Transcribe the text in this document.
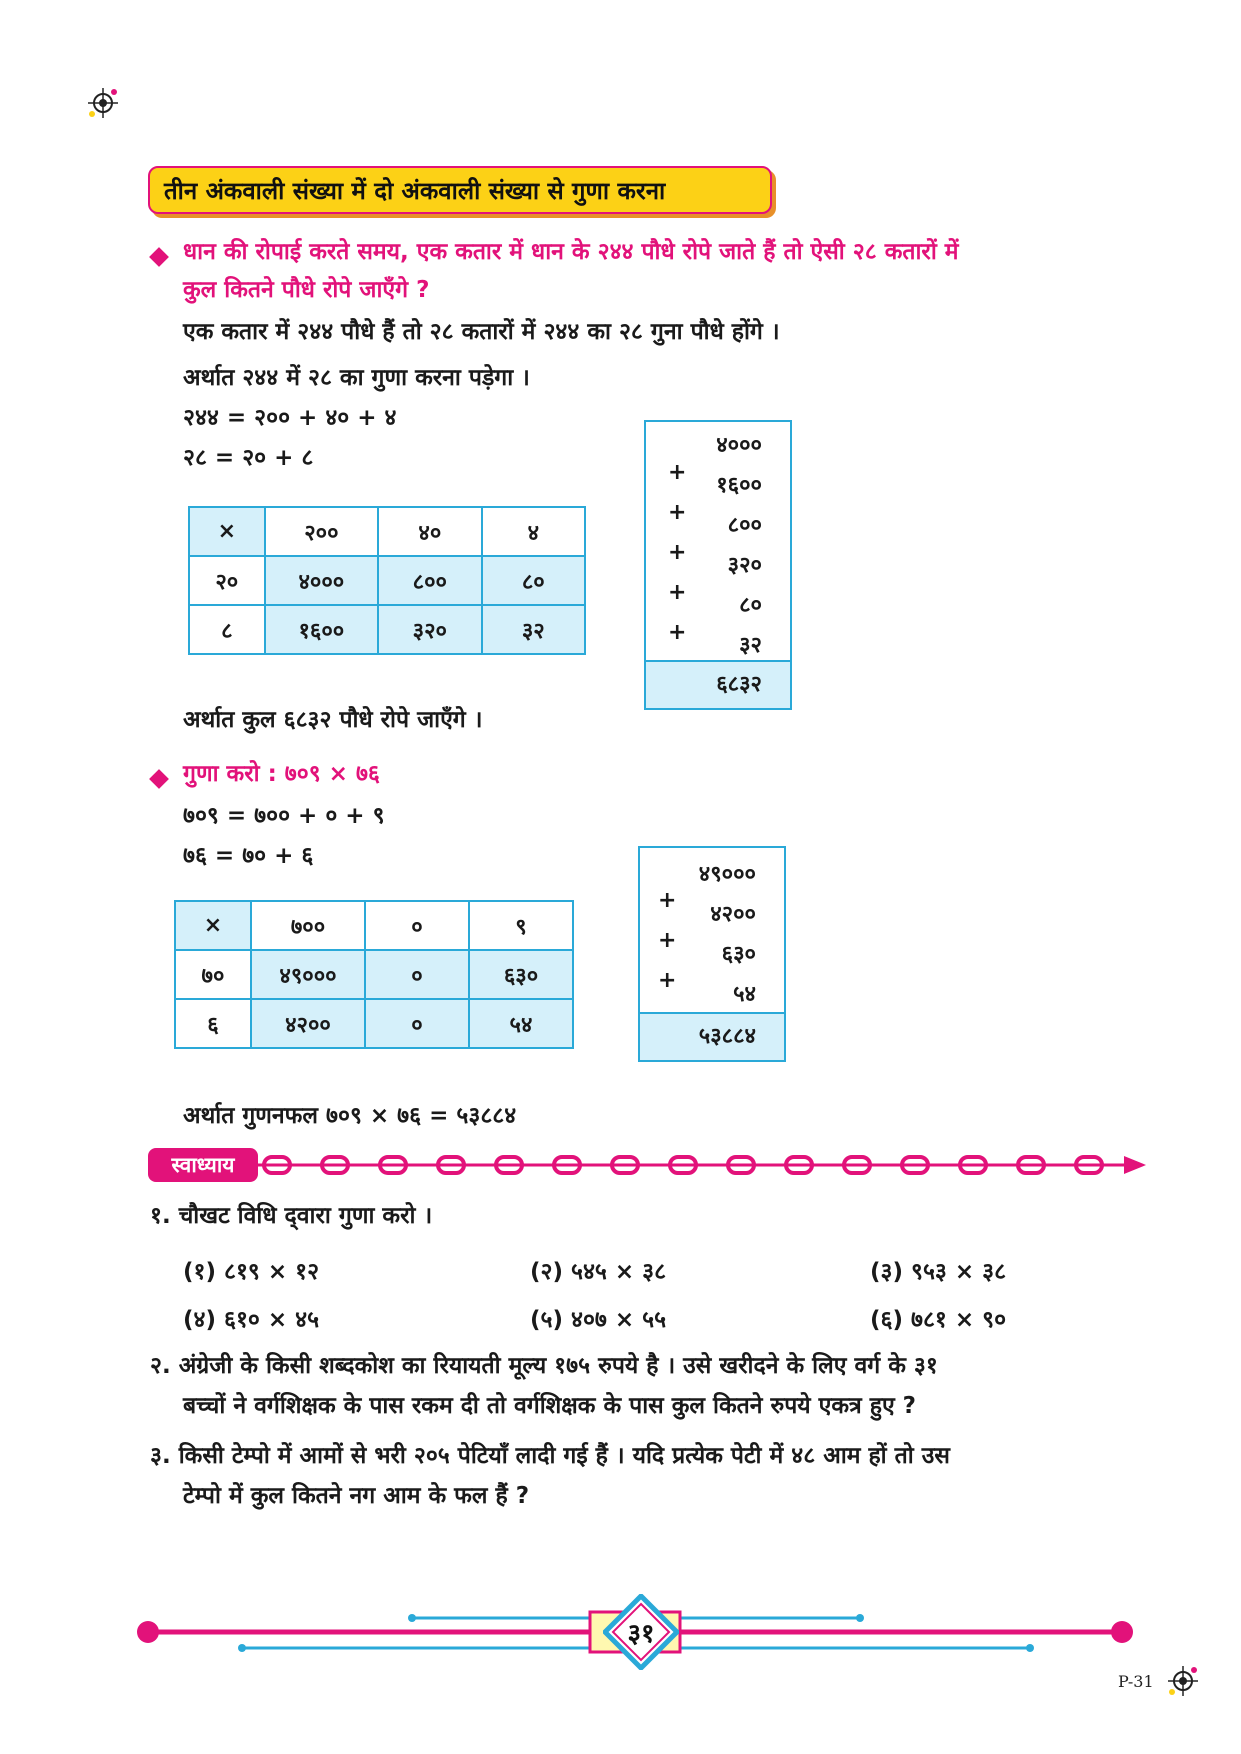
तीन अंकवाली संख्या में दो अंकवाली संख्या से गुणा करना
धान की रोपाई करते समय, एक कतार में धान के २४४ पौधे रोपे जाते हैं तो ऐसी २८ कतारों में
कुल कितने पौधे रोपे जाएँगे ?
एक कतार में २४४ पौधे हैं तो २८ कतारों में २४४ का २८ गुना पौधे होंगे ।
अर्थात २४४ में २८ का गुणा करना पड़ेगा ।
२४४ = २०० + ४० + ४
२८ = २० + ८
×	२००	४०	४
२०	४०००	८००	८०
८	१६००	३२०	३२
४०००
+
१६००
+
८००
+
३२०
+
८०
+
३२
६८३२
अर्थात कुल ६८३२ पौधे रोपे जाएँगे ।
गुणा करो : ७०९ × ७६
७०९ = ७०० + ० + ९
७६ = ७० + ६
×	७००	०	९
७०	४९०००	०	६३०
६	४२००	०	५४
४९०००
+
४२००
+
६३०
+
५४
५३८८४
अर्थात गुणनफल ७०९ × ७६ = ५३८८४
स्वाध्याय
१. चौखट विधि द्‌वारा गुणा करो ।
(१) ८१९ × १२	(२) ५४५ × ३८	(३) ९५३ × ३८
(४) ६१० × ४५	(५) ४०७ × ५५	(६) ७८१ × ९०
२. अंग्रेजी के किसी शब्दकोश का रियायती मूल्य १७५ रुपये है । उसे खरीदने के लिए वर्ग के ३१
बच्चों ने वर्गशिक्षक के पास रकम दी तो वर्गशिक्षक के पास कुल कितने रुपये एकत्र हुए ?
३. किसी टेम्पो में आमों से भरी २०५ पेटियाँ लादी गई हैं । यदि प्रत्येक पेटी में ४८ आम हों तो उस
टेम्पो में कुल कितने नग आम के फल हैं ?
३१
P-31
